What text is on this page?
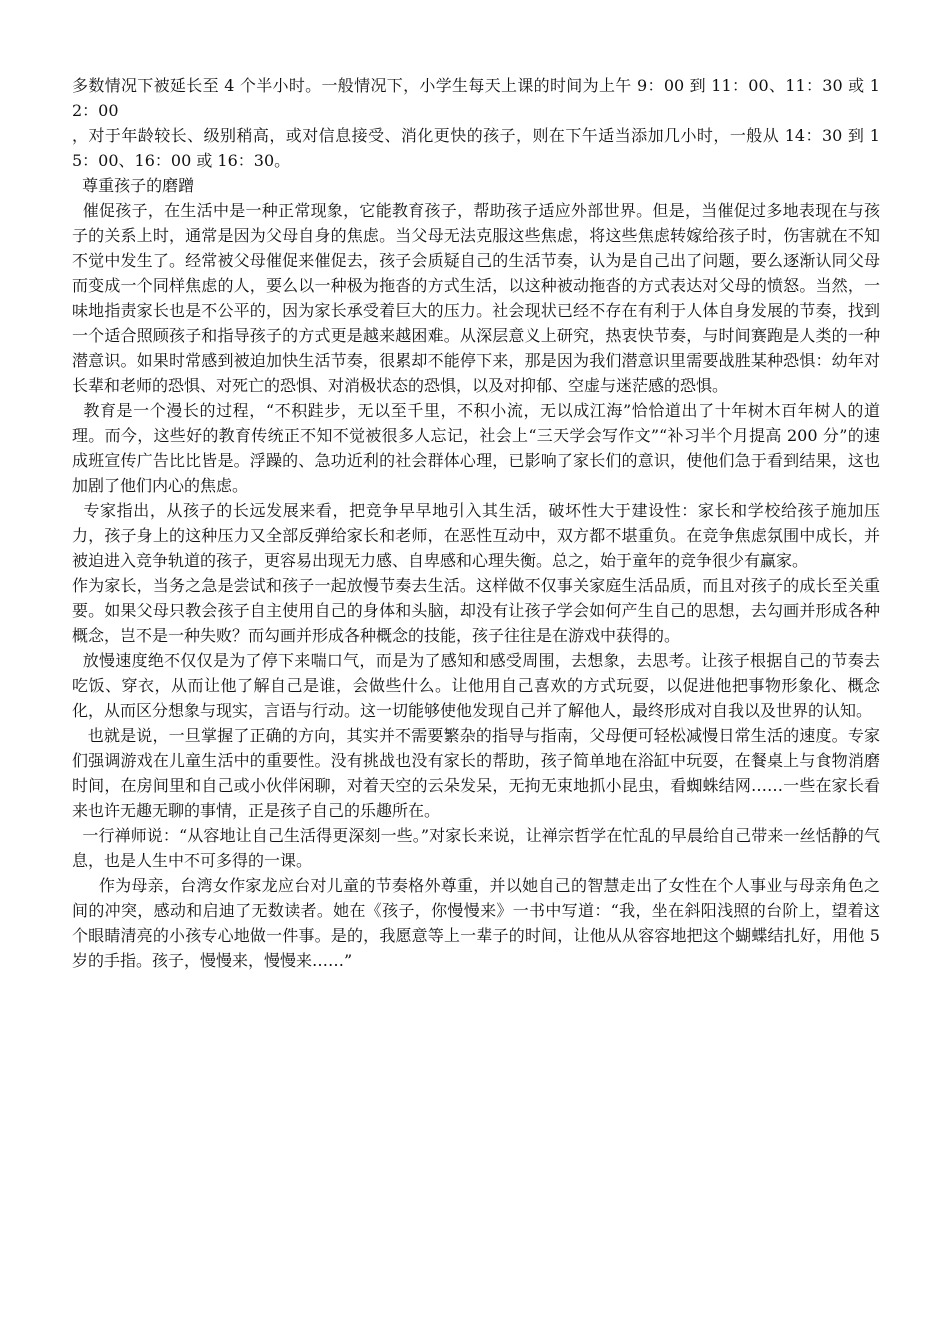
多数情况下被延长至 4 个半小时。一般情况下，小学生每天上课的时间为上午 9：00 到 11：00、11：30 或 12：00

，对于年龄较长、级别稍高，或对信息接受、消化更快的孩子，则在下午适当添加几小时，一般从 14：30 到 15：00、16：00 或 16：30。

尊重孩子的磨蹭

催促孩子，在生活中是一种正常现象，它能教育孩子，帮助孩子适应外部世界。但是，当催促过多地表现在与孩子的关系上时，通常是因为父母自身的焦虑。当父母无法克服这些焦虑，将这些焦虑转嫁给孩子时，伤害就在不知不觉中发生了。经常被父母催促来催促去，孩子会质疑自己的生活节奏，认为是自己出了问题，要么逐渐认同父母而变成一个同样焦虑的人，要么以一种极为拖沓的方式生活，以这种被动拖沓的方式表达对父母的愤怒。当然，一味地指责家长也是不公平的，因为家长承受着巨大的压力。社会现状已经不存在有利于人体自身发展的节奏，找到一个适合照顾孩子和指导孩子的方式更是越来越困难。从深层意义上研究，热衷快节奏，与时间赛跑是人类的一种潜意识。如果时常感到被迫加快生活节奏，很累却不能停下来，那是因为我们潜意识里需要战胜某种恐惧：幼年对长辈和老师的恐惧、对死亡的恐惧、对消极状态的恐惧，以及对抑郁、空虚与迷茫感的恐惧。

教育是一个漫长的过程，“不积跬步，无以至千里，不积小流，无以成江海”恰恰道出了十年树木百年树人的道理。而今，这些好的教育传统正不知不觉被很多人忘记，社会上“三天学会写作文”“补习半个月提高 200 分”的速成班宣传广告比比皆是。浮躁的、急功近利的社会群体心理，已影响了家长们的意识，使他们急于看到结果，这也加剧了他们内心的焦虑。

专家指出，从孩子的长远发展来看，把竞争早早地引入其生活，破坏性大于建设性：家长和学校给孩子施加压力，孩子身上的这种压力又全部反弹给家长和老师，在恶性互动中，双方都不堪重负。在竞争焦虑氛围中成长，并被迫进入竞争轨道的孩子，更容易出现无力感、自卑感和心理失衡。总之，始于童年的竞争很少有赢家。

作为家长，当务之急是尝试和孩子一起放慢节奏去生活。这样做不仅事关家庭生活品质，而且对孩子的成长至关重要。如果父母只教会孩子自主使用自己的身体和头脑，却没有让孩子学会如何产生自己的思想，去勾画并形成各种概念，岂不是一种失败？而勾画并形成各种概念的技能，孩子往往是在游戏中获得的。

放慢速度绝不仅仅是为了停下来喘口气，而是为了感知和感受周围，去想象，去思考。让孩子根据自己的节奏去吃饭、穿衣，从而让他了解自己是谁，会做些什么。让他用自己喜欢的方式玩耍，以促进他把事物形象化、概念化，从而区分想象与现实，言语与行动。这一切能够使他发现自己并了解他人，最终形成对自我以及世界的认知。

也就是说，一旦掌握了正确的方向，其实并不需要繁杂的指导与指南，父母便可轻松减慢日常生活的速度。专家们强调游戏在儿童生活中的重要性。没有挑战也没有家长的帮助，孩子简单地在浴缸中玩耍，在餐桌上与食物消磨时间，在房间里和自己或小伙伴闲聊，对着天空的云朵发呆，无拘无束地抓小昆虫，看蜘蛛结网……一些在家长看来也许无趣无聊的事情，正是孩子自己的乐趣所在。

一行禅师说：“从容地让自己生活得更深刻一些。”对家长来说，让禅宗哲学在忙乱的早晨给自己带来一丝恬静的气息，也是人生中不可多得的一课。

作为母亲，台湾女作家龙应台对儿童的节奏格外尊重，并以她自己的智慧走出了女性在个人事业与母亲角色之间的冲突，感动和启迪了无数读者。她在《孩子，你慢慢来》一书中写道：“我，坐在斜阳浅照的台阶上，望着这个眼睛清亮的小孩专心地做一件事。是的，我愿意等上一辈子的时间，让他从从容容地把这个蝴蝶结扎好，用他 5 岁的手指。孩子，慢慢来，慢慢来……”
